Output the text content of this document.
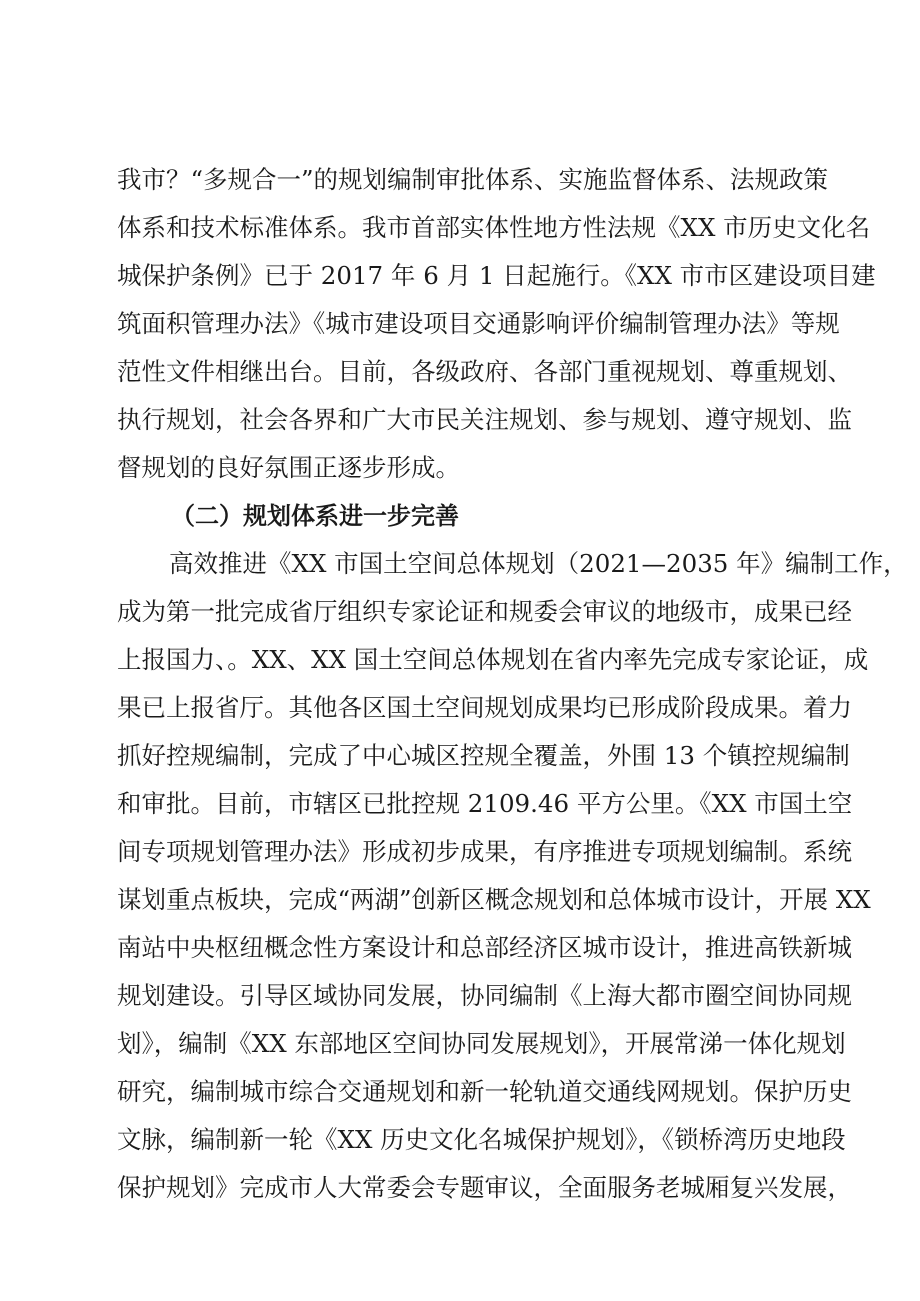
我市？“多规合一”的规划编制审批体系、实施监督体系、法规政策
体系和技术标准体系。我市首部实体性地方性法规《XX 市历史文化名
城保护条例》已于 2017 年 6 月 1 日起施行。《XX 市市区建设项目建
筑面积管理办法》《城市建设项目交通影响评价编制管理办法》等规
范性文件相继出台。目前，各级政府、各部门重视规划、尊重规划、
执行规划，社会各界和广大市民关注规划、参与规划、遵守规划、监
督规划的良好氛围正逐步形成。
（二）规划体系进一步完善
高效推进《XX 市国土空间总体规划（2021—2035 年》编制工作，
成为第一批完成省厅组织专家论证和规委会审议的地级市，成果已经
上报国力、。XX、XX 国土空间总体规划在省内率先完成专家论证，成
果已上报省厅。其他各区国土空间规划成果均已形成阶段成果。着力
抓好控规编制，完成了中心城区控规全覆盖，外围 13 个镇控规编制
和审批。目前，市辖区已批控规 2109.46 平方公里。《XX 市国土空
间专项规划管理办法》形成初步成果，有序推进专项规划编制。系统
谋划重点板块，完成“两湖”创新区概念规划和总体城市设计，开展 XX
南站中央枢纽概念性方案设计和总部经济区城市设计，推进高铁新城
规划建设。引导区域协同发展，协同编制《上海大都市圈空间协同规
划》，编制《XX 东部地区空间协同发展规划》，开展常涕一体化规划
研究，编制城市综合交通规划和新一轮轨道交通线网规划。保护历史
文脉，编制新一轮《XX 历史文化名城保护规划》，《锁桥湾历史地段
保护规划》完成市人大常委会专题审议，全面服务老城厢复兴发展，
